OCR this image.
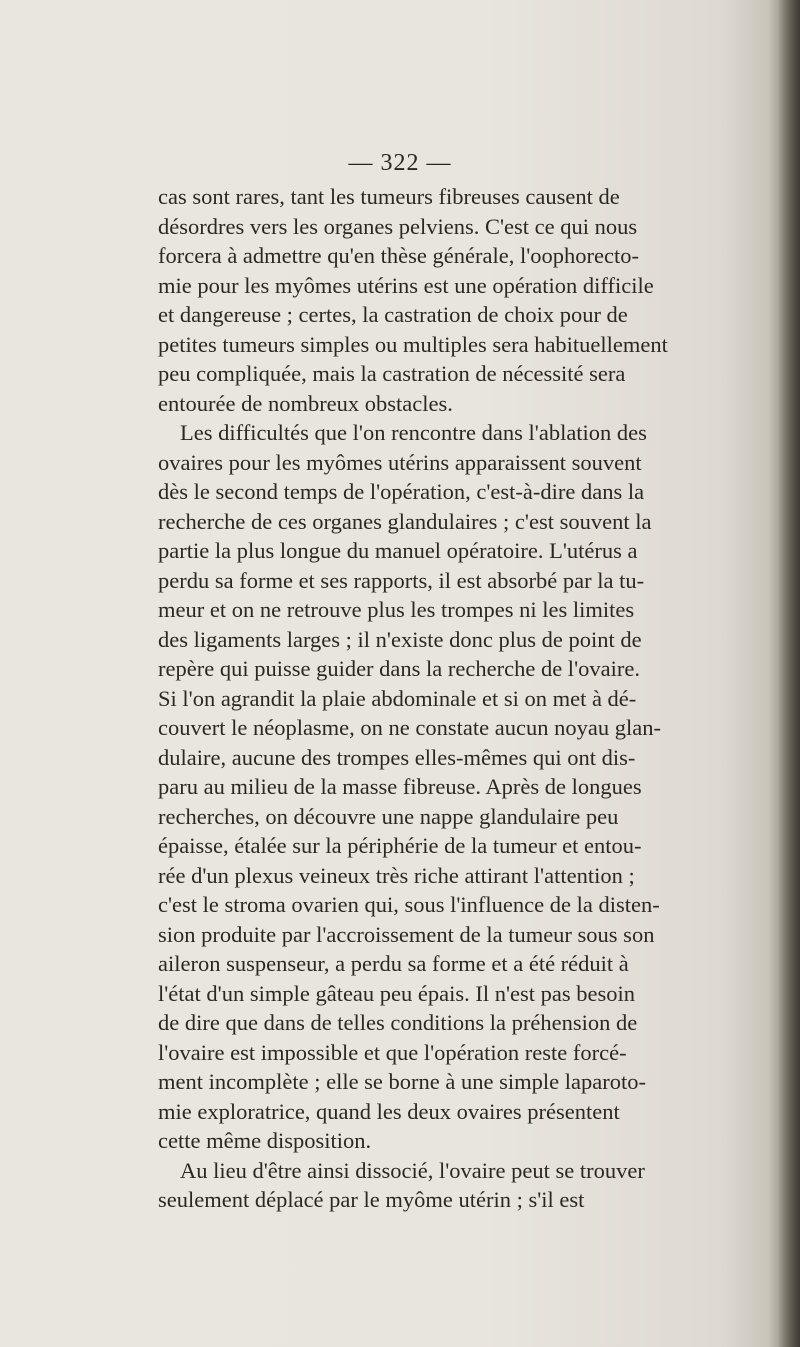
— 322 —
cas sont rares, tant les tumeurs fibreuses causent de
désordres vers les organes pelviens. C'est ce qui nous
forcera à admettre qu'en thèse générale, l'oophorecto-
mie pour les myômes utérins est une opération difficile
et dangereuse ; certes, la castration de choix pour de
petites tumeurs simples ou multiples sera habituellement
peu compliquée, mais la castration de nécessité sera
entourée de nombreux obstacles.
Les difficultés que l'on rencontre dans l'ablation des
ovaires pour les myômes utérins apparaissent souvent
dès le second temps de l'opération, c'est-à-dire dans la
recherche de ces organes glandulaires ; c'est souvent la
partie la plus longue du manuel opératoire. L'utérus a
perdu sa forme et ses rapports, il est absorbé par la tu-
meur et on ne retrouve plus les trompes ni les limites
des ligaments larges ; il n'existe donc plus de point de
repère qui puisse guider dans la recherche de l'ovaire.
Si l'on agrandit la plaie abdominale et si on met à dé-
couvert le néoplasme, on ne constate aucun noyau glan-
dulaire, aucune des trompes elles-mêmes qui ont dis-
paru au milieu de la masse fibreuse. Après de longues
recherches, on découvre une nappe glandulaire peu
épaisse, étalée sur la périphérie de la tumeur et entou-
rée d'un plexus veineux très riche attirant l'attention ;
c'est le stroma ovarien qui, sous l'influence de la disten-
sion produite par l'accroissement de la tumeur sous son
aileron suspenseur, a perdu sa forme et a été réduit à
l'état d'un simple gâteau peu épais. Il n'est pas besoin
de dire que dans de telles conditions la préhension de
l'ovaire est impossible et que l'opération reste forcé-
ment incomplète ; elle se borne à une simple laparoto-
mie exploratrice, quand les deux ovaires présentent
cette même disposition.
Au lieu d'être ainsi dissocié, l'ovaire peut se trouver
seulement déplacé par le myôme utérin ; s'il est
